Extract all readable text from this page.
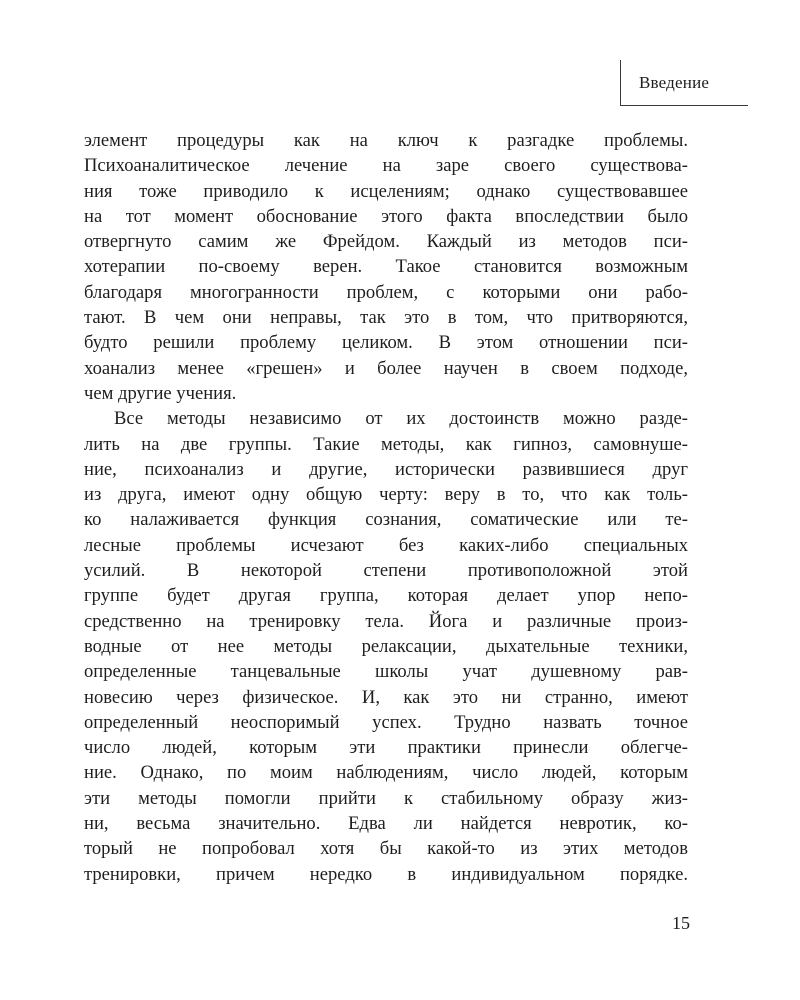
Введение
элемент процедуры как на ключ к разгадке проблемы.
Психоаналитическое лечение на заре своего существова-
ния тоже приводило к исцелениям; однако существовавшее
на тот момент обоснование этого факта впоследствии было
отвергнуто самим же Фрейдом. Каждый из методов пси-
хотерапии по-своему верен. Такое становится возможным
благодаря многогранности проблем, с которыми они рабо-
тают. В чем они неправы, так это в том, что притворяются,
будто решили проблему целиком. В этом отношении пси-
хоанализ менее «грешен» и более научен в своем подходе,
чем другие учения.
Все методы независимо от их достоинств можно разде-
лить на две группы. Такие методы, как гипноз, самовнуше-
ние, психоанализ и другие, исторически развившиеся друг
из друга, имеют одну общую черту: веру в то, что как толь-
ко налаживается функция сознания, соматические или те-
лесные проблемы исчезают без каких-либо специальных
усилий. В некоторой степени противоположной этой
группе будет другая группа, которая делает упор непо-
средственно на тренировку тела. Йога и различные произ-
водные от нее методы релаксации, дыхательные техники,
определенные танцевальные школы учат душевному рав-
новесию через физическое. И, как это ни странно, имеют
определенный неоспоримый успех. Трудно назвать точное
число людей, которым эти практики принесли облегче-
ние. Однако, по моим наблюдениям, число людей, которым
эти методы помогли прийти к стабильному образу жиз-
ни, весьма значительно. Едва ли найдется невротик, ко-
торый не попробовал хотя бы какой-то из этих методов
тренировки, причем нередко в индивидуальном порядке.
15
